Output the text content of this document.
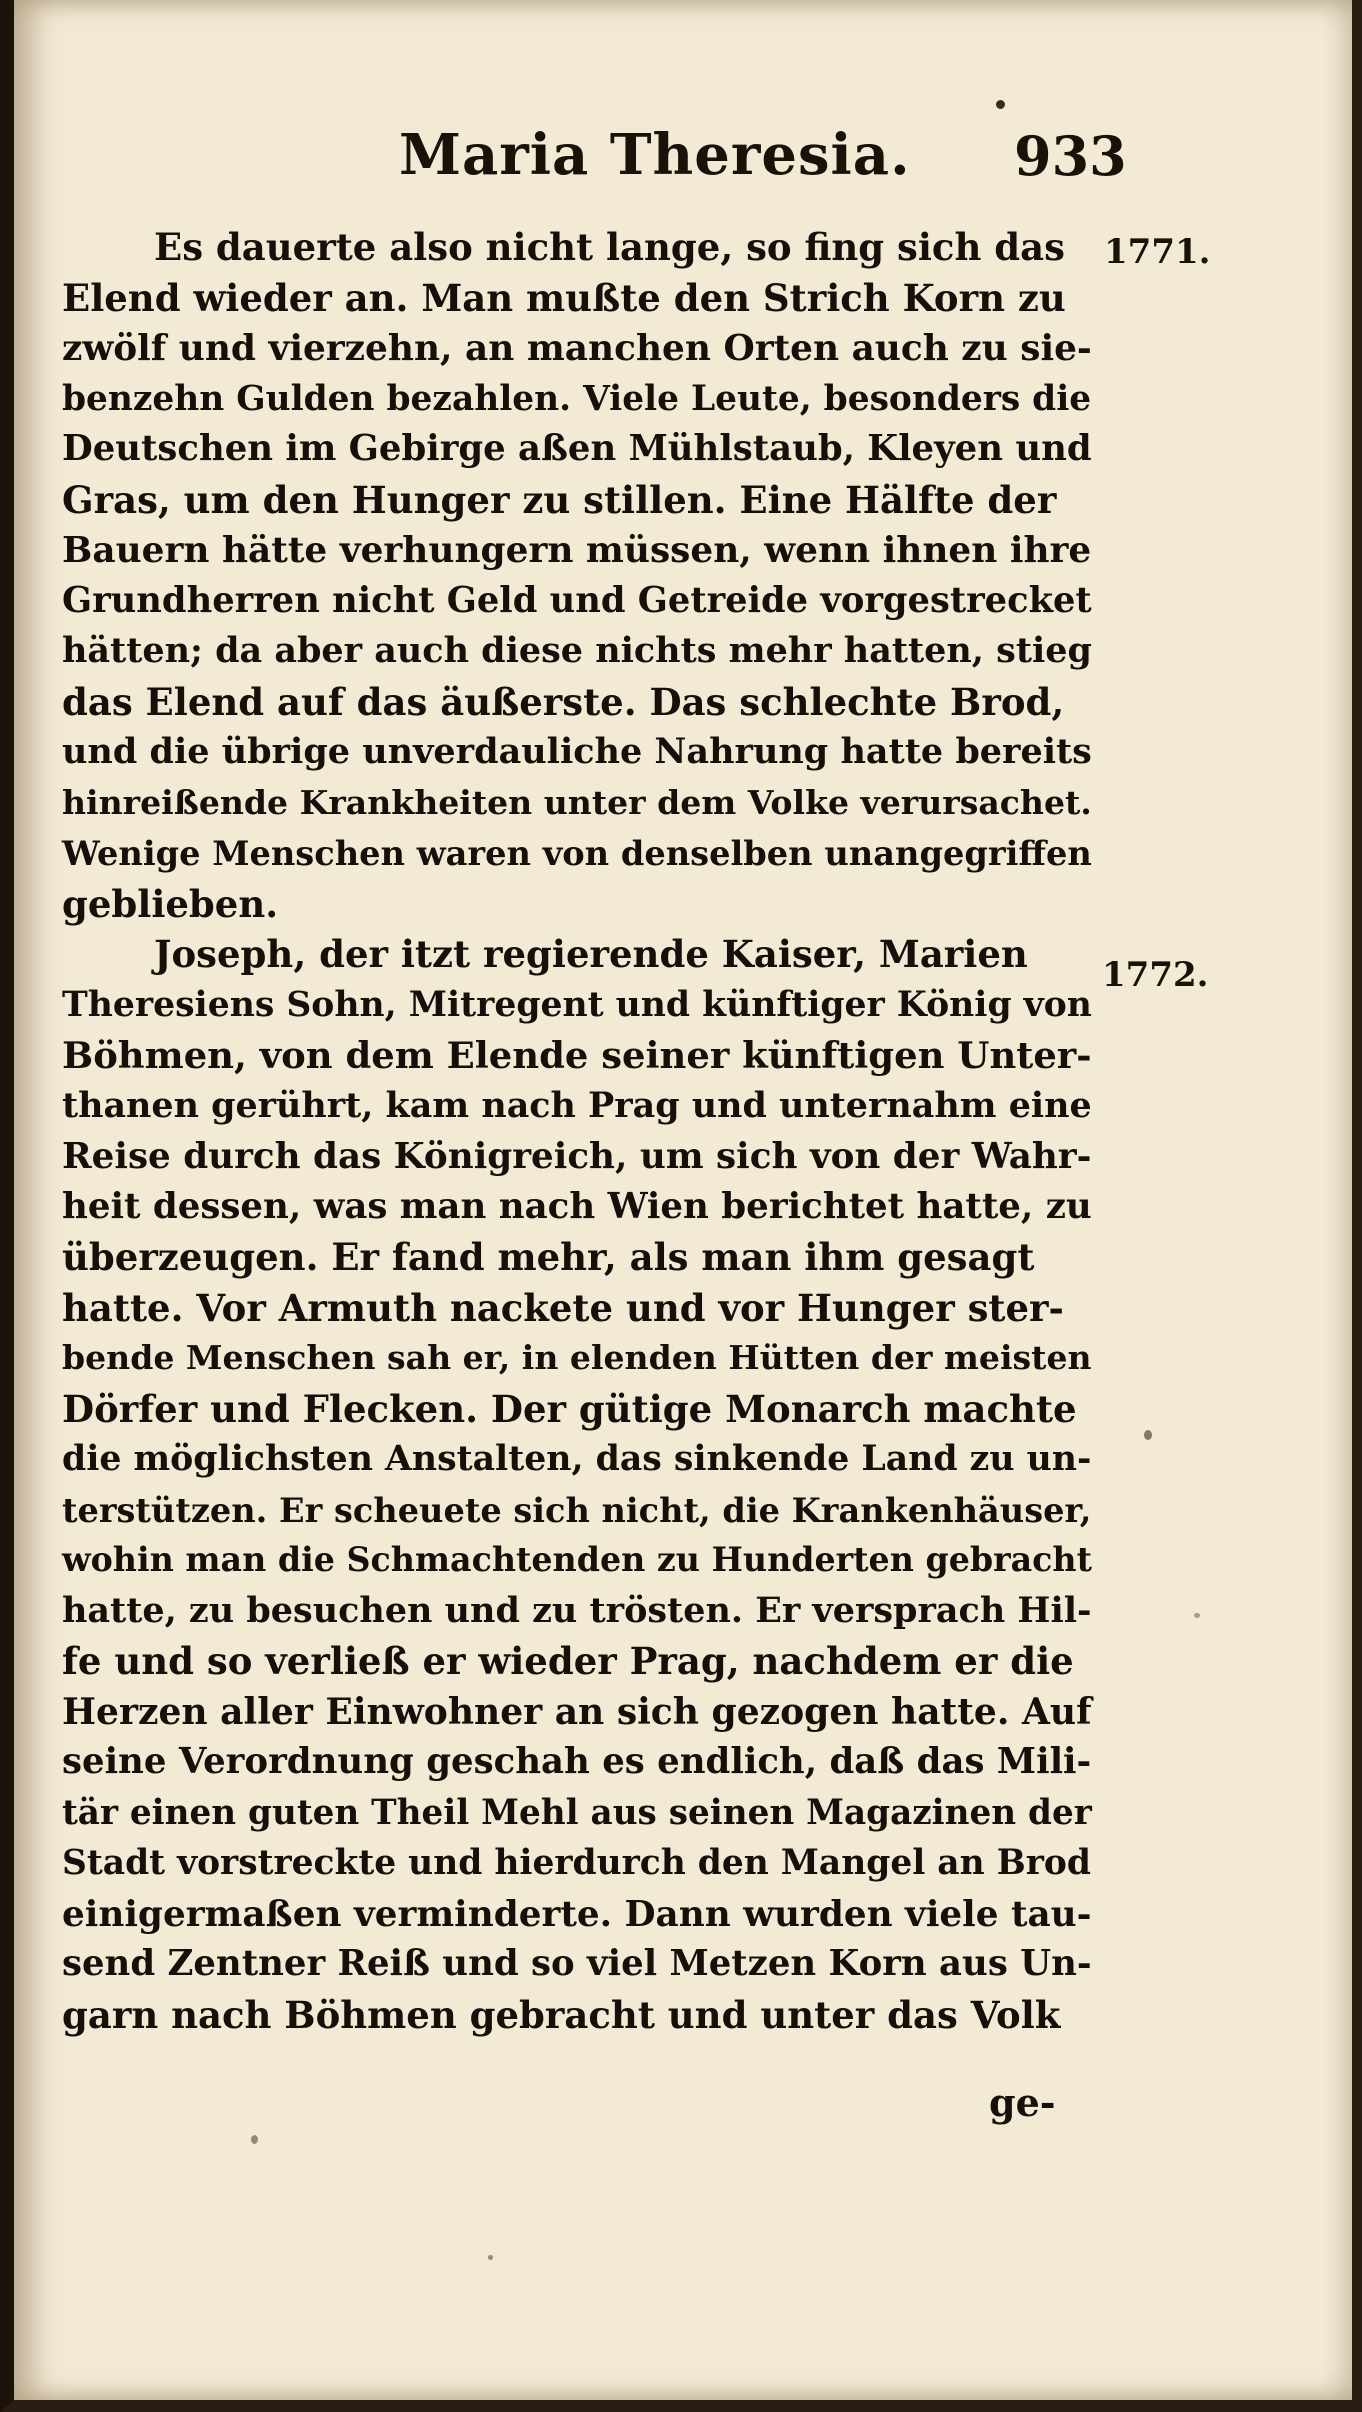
Maria Theresia. 933
1771.
1772.

Es dauerte also nicht lange, so fing sich das
Elend wieder an. Man mußte den Strich Korn zu
zwölf und vierzehn, an manchen Orten auch zu sie-
benzehn Gulden bezahlen. Viele Leute, besonders die
Deutschen im Gebirge aßen Mühlstaub, Kleyen und
Gras, um den Hunger zu stillen. Eine Hälfte der
Bauern hätte verhungern müssen, wenn ihnen ihre
Grundherren nicht Geld und Getreide vorgestrecket
hätten; da aber auch diese nichts mehr hatten, stieg
das Elend auf das äußerste. Das schlechte Brod,
und die übrige unverdauliche Nahrung hatte bereits
hinreißende Krankheiten unter dem Volke verursachet.
Wenige Menschen waren von denselben unangegriffen
geblieben.

Joseph, der itzt regierende Kaiser, Marien
Theresiens Sohn, Mitregent und künftiger König von
Böhmen, von dem Elende seiner künftigen Unter-
thanen gerührt, kam nach Prag und unternahm eine
Reise durch das Königreich, um sich von der Wahr-
heit dessen, was man nach Wien berichtet hatte, zu
überzeugen. Er fand mehr, als man ihm gesagt
hatte. Vor Armuth nackete und vor Hunger ster-
bende Menschen sah er, in elenden Hütten der meisten
Dörfer und Flecken. Der gütige Monarch machte
die möglichsten Anstalten, das sinkende Land zu un-
terstützen. Er scheuete sich nicht, die Krankenhäuser,
wohin man die Schmachtenden zu Hunderten gebracht
hatte, zu besuchen und zu trösten. Er versprach Hil-
fe und so verließ er wieder Prag, nachdem er die
Herzen aller Einwohner an sich gezogen hatte. Auf
seine Verordnung geschah es endlich, daß das Mili-
tär einen guten Theil Mehl aus seinen Magazinen der
Stadt vorstreckte und hierdurch den Mangel an Brod
einigermaßen verminderte. Dann wurden viele tau-
send Zentner Reiß und so viel Metzen Korn aus Un-
garn nach Böhmen gebracht und unter das Volk

ge-
